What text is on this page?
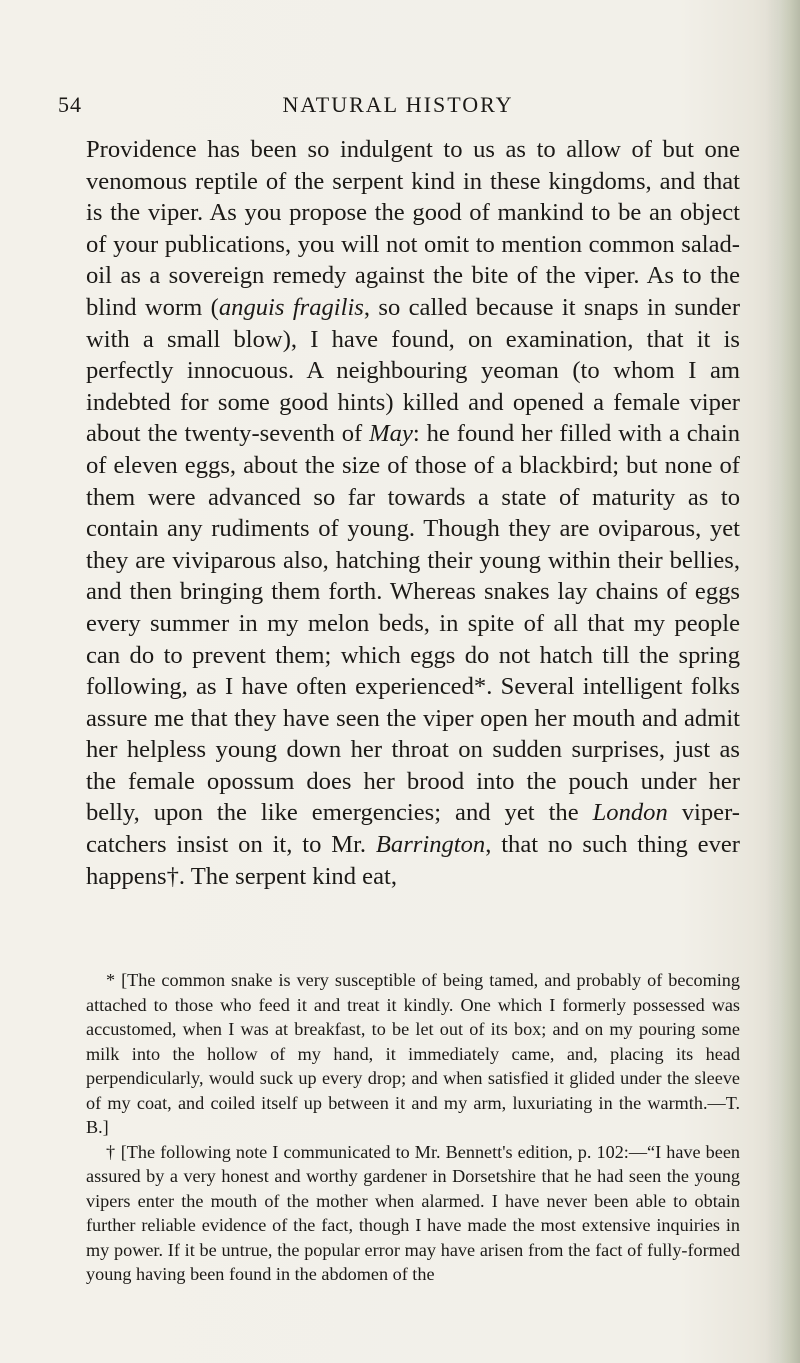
54	NATURAL HISTORY

Providence has been so indulgent to us as to allow of but one venomous reptile of the serpent kind in these kingdoms, and that is the viper. As you propose the good of mankind to be an object of your publications, you will not omit to mention common salad-oil as a sovereign remedy against the bite of the viper. As to the blind worm (anguis fragilis, so called because it snaps in sunder with a small blow), I have found, on examination, that it is perfectly innocuous. A neighbouring yeoman (to whom I am indebted for some good hints) killed and opened a female viper about the twenty-seventh of May: he found her filled with a chain of eleven eggs, about the size of those of a blackbird; but none of them were advanced so far towards a state of maturity as to contain any rudiments of young. Though they are oviparous, yet they are viviparous also, hatching their young within their bellies, and then bringing them forth. Whereas snakes lay chains of eggs every summer in my melon beds, in spite of all that my people can do to prevent them; which eggs do not hatch till the spring following, as I have often experienced*. Several intelligent folks assure me that they have seen the viper open her mouth and admit her helpless young down her throat on sudden surprises, just as the female opossum does her brood into the pouch under her belly, upon the like emergencies; and yet the London viper-catchers insist on it, to Mr. Barrington, that no such thing ever happens†. The serpent kind eat,

* [The common snake is very susceptible of being tamed, and probably of becoming attached to those who feed it and treat it kindly. One which I formerly possessed was accustomed, when I was at breakfast, to be let out of its box; and on my pouring some milk into the hollow of my hand, it immediately came, and, placing its head perpendicularly, would suck up every drop; and when satisfied it glided under the sleeve of my coat, and coiled itself up between it and my arm, luxuriating in the warmth.—T. B.]

† [The following note I communicated to Mr. Bennett's edition, p. 102:—“I have been assured by a very honest and worthy gardener in Dorsetshire that he had seen the young vipers enter the mouth of the mother when alarmed. I have never been able to obtain further reliable evidence of the fact, though I have made the most extensive inquiries in my power. If it be untrue, the popular error may have arisen from the fact of fully-formed young having been found in the abdomen of the
